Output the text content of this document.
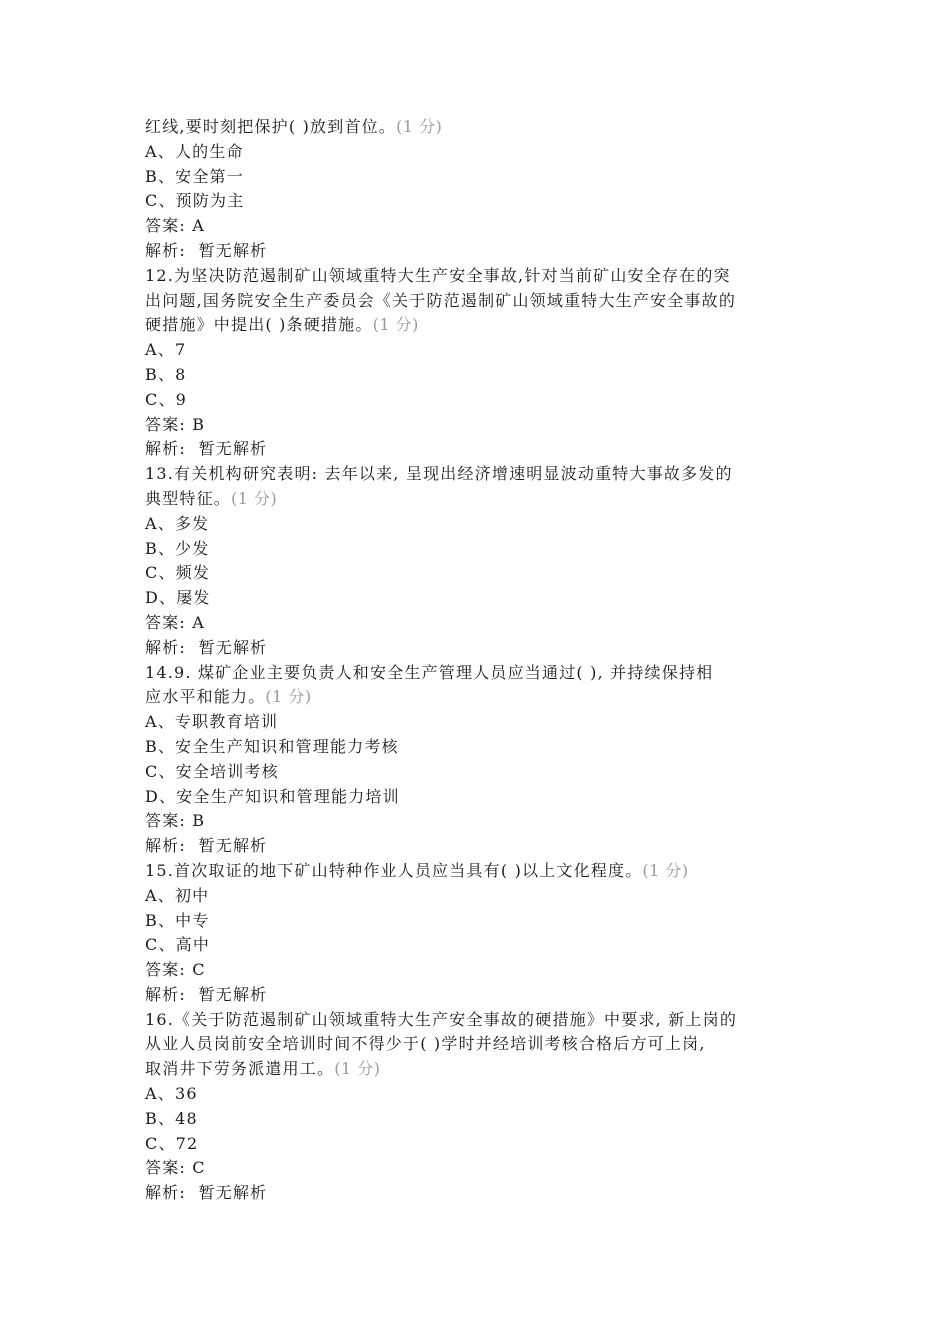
红线,要时刻把保护( )放到首位。(1 分)
A、人的生命
B、安全第一
C、预防为主
答案: A
解析:  暂无解析
12.为坚决防范遏制矿山领域重特大生产安全事故,针对当前矿山安全存在的突
出问题,国务院安全生产委员会《关于防范遏制矿山领域重特大生产安全事故的
硬措施》中提出( )条硬措施。(1 分)
A、7
B、8
C、9
答案: B
解析:  暂无解析
13.有关机构研究表明: 去年以来, 呈现出经济增速明显波动重特大事故多发的
典型特征。(1 分)
A、多发
B、少发
C、频发
D、屡发
答案: A
解析:  暂无解析
14.9. 煤矿企业主要负责人和安全生产管理人员应当通过( ), 并持续保持相
应水平和能力。(1 分)
A、专职教育培训
B、安全生产知识和管理能力考核
C、安全培训考核
D、安全生产知识和管理能力培训
答案: B
解析:  暂无解析
15.首次取证的地下矿山特种作业人员应当具有( )以上文化程度。(1 分)
A、初中
B、中专
C、高中
答案: C
解析:  暂无解析
16.《关于防范遏制矿山领域重特大生产安全事故的硬措施》中要求, 新上岗的
从业人员岗前安全培训时间不得少于( )学时并经培训考核合格后方可上岗,
取消井下劳务派遣用工。(1 分)
A、36
B、48
C、72
答案: C
解析:  暂无解析
